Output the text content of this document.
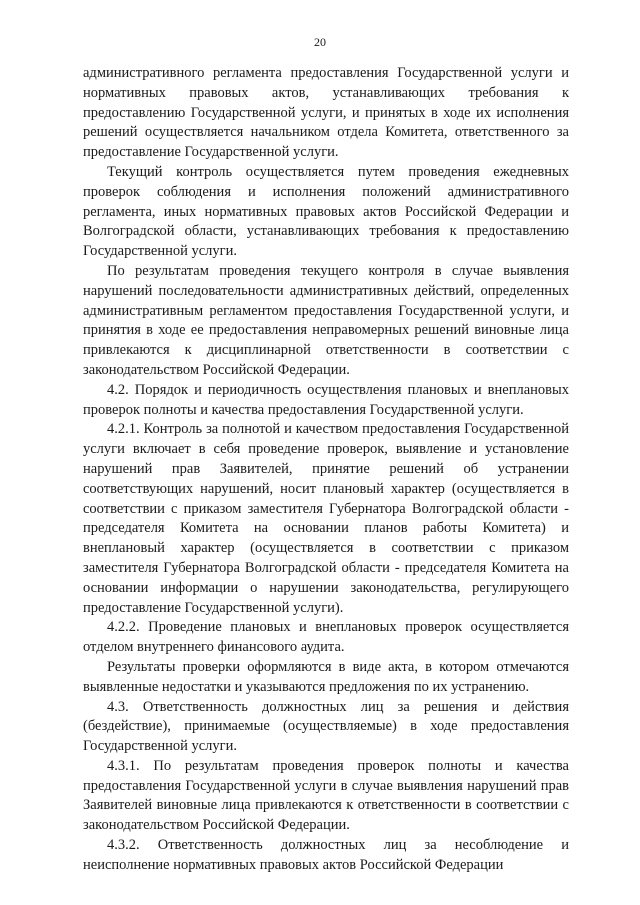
20

административного регламента предоставления Государственной услуги и нормативных правовых актов, устанавливающих требования к предоставлению Государственной услуги, и принятых в ходе их исполнения решений осуществляется начальником отдела Комитета, ответственного за предоставление Государственной услуги.

Текущий контроль осуществляется путем проведения ежедневных проверок соблюдения и исполнения положений административного регламента, иных нормативных правовых актов Российской Федерации и Волгоградской области, устанавливающих требования к предоставлению Государственной услуги.

По результатам проведения текущего контроля в случае выявления нарушений последовательности административных действий, определенных административным регламентом предоставления Государственной услуги, и принятия в ходе ее предоставления неправомерных решений виновные лица привлекаются к дисциплинарной ответственности в соответствии с законодательством Российской Федерации.

4.2. Порядок и периодичность осуществления плановых и внеплановых проверок полноты и качества предоставления Государственной услуги.

4.2.1. Контроль за полнотой и качеством предоставления Государственной услуги включает в себя проведение проверок, выявление и установление нарушений прав Заявителей, принятие решений об устранении соответствующих нарушений, носит плановый характер (осуществляется в соответствии с приказом заместителя Губернатора Волгоградской области - председателя Комитета на основании планов работы Комитета) и внеплановый характер (осуществляется в соответствии с приказом заместителя Губернатора Волгоградской области - председателя Комитета на основании информации о нарушении законодательства, регулирующего предоставление Государственной услуги).

4.2.2. Проведение плановых и внеплановых проверок осуществляется отделом внутреннего финансового аудита.

Результаты проверки оформляются в виде акта, в котором отмечаются выявленные недостатки и указываются предложения по их устранению.

4.3. Ответственность должностных лиц за решения и действия (бездействие), принимаемые (осуществляемые) в ходе предоставления Государственной услуги.

4.3.1. По результатам проведения проверок полноты и качества предоставления Государственной услуги в случае выявления нарушений прав Заявителей виновные лица привлекаются к ответственности в соответствии с законодательством Российской Федерации.

4.3.2. Ответственность должностных лиц за несоблюдение и неисполнение нормативных правовых актов Российской Федерации
